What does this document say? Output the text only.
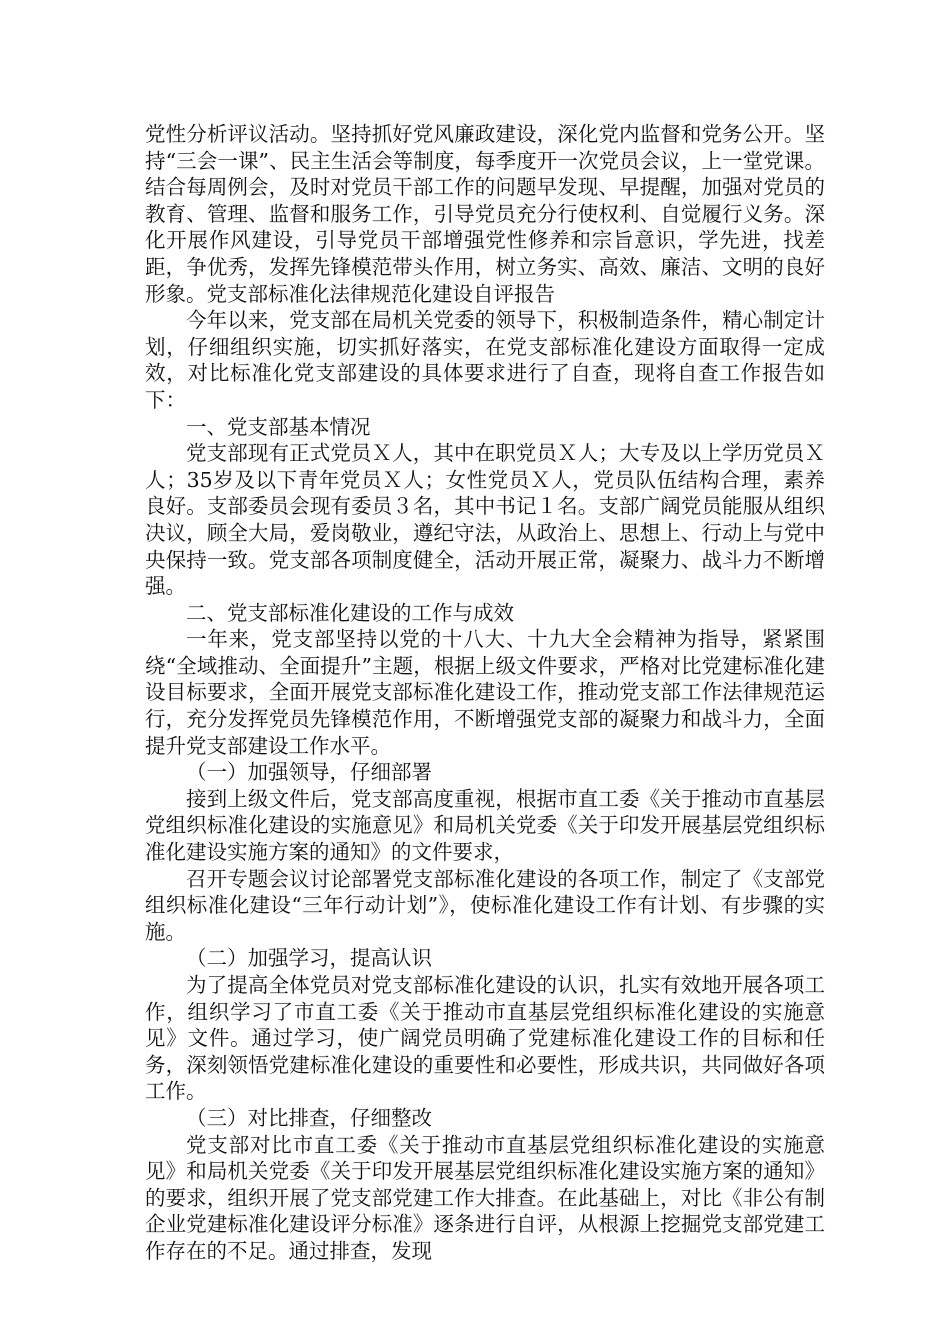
党性分析评议活动。坚持抓好党风廉政建设，深化党内监督和党务公开。坚持“三会一课”、民主生活会等制度，每季度开一次党员会议，上一堂党课。结合每周例会，及时对党员干部工作的问题早发现、早提醒，加强对党员的教育、管理、监督和服务工作，引导党员充分行使权利、自觉履行义务。深化开展作风建设，引导党员干部增强党性修养和宗旨意识，学先进，找差距，争优秀，发挥先锋模范带头作用，树立务实、高效、廉洁、文明的良好形象。党支部标准化法律规范化建设自评报告

今年以来，党支部在局机关党委的领导下，积极制造条件，精心制定计划，仔细组织实施，切实抓好落实，在党支部标准化建设方面取得一定成效，对比标准化党支部建设的具体要求进行了自查，现将自查工作报告如下：

一、党支部基本情况

党支部现有正式党员Ｘ人，其中在职党员Ｘ人；大专及以上学历党员Ｘ人；35岁及以下青年党员Ｘ人；女性党员Ｘ人，党员队伍结构合理，素养良好。支部委员会现有委员３名，其中书记１名。支部广阔党员能服从组织决议，顾全大局，爱岗敬业，遵纪守法，从政治上、思想上、行动上与党中央保持一致。党支部各项制度健全，活动开展正常，凝聚力、战斗力不断增强。

二、党支部标准化建设的工作与成效

一年来，党支部坚持以党的十八大、十九大全会精神为指导，紧紧围绕“全域推动、全面提升”主题，根据上级文件要求，严格对比党建标准化建设目标要求，全面开展党支部标准化建设工作，推动党支部工作法律规范运行，充分发挥党员先锋模范作用，不断增强党支部的凝聚力和战斗力，全面提升党支部建设工作水平。

（一）加强领导，仔细部署

接到上级文件后，党支部高度重视，根据市直工委《关于推动市直基层党组织标准化建设的实施意见》和局机关党委《关于印发开展基层党组织标准化建设实施方案的通知》的文件要求，

召开专题会议讨论部署党支部标准化建设的各项工作，制定了《支部党组织标准化建设“三年行动计划”》，使标准化建设工作有计划、有步骤的实施。

（二）加强学习，提高认识

为了提高全体党员对党支部标准化建设的认识，扎实有效地开展各项工作，组织学习了市直工委《关于推动市直基层党组织标准化建设的实施意见》文件。通过学习，使广阔党员明确了党建标准化建设工作的目标和任务，深刻领悟党建标准化建设的重要性和必要性，形成共识，共同做好各项工作。

（三）对比排查，仔细整改

党支部对比市直工委《关于推动市直基层党组织标准化建设的实施意见》和局机关党委《关于印发开展基层党组织标准化建设实施方案的通知》的要求，组织开展了党支部党建工作大排查。在此基础上，对比《非公有制企业党建标准化建设评分标准》逐条进行自评，从根源上挖掘党支部党建工作存在的不足。通过排查，发现
